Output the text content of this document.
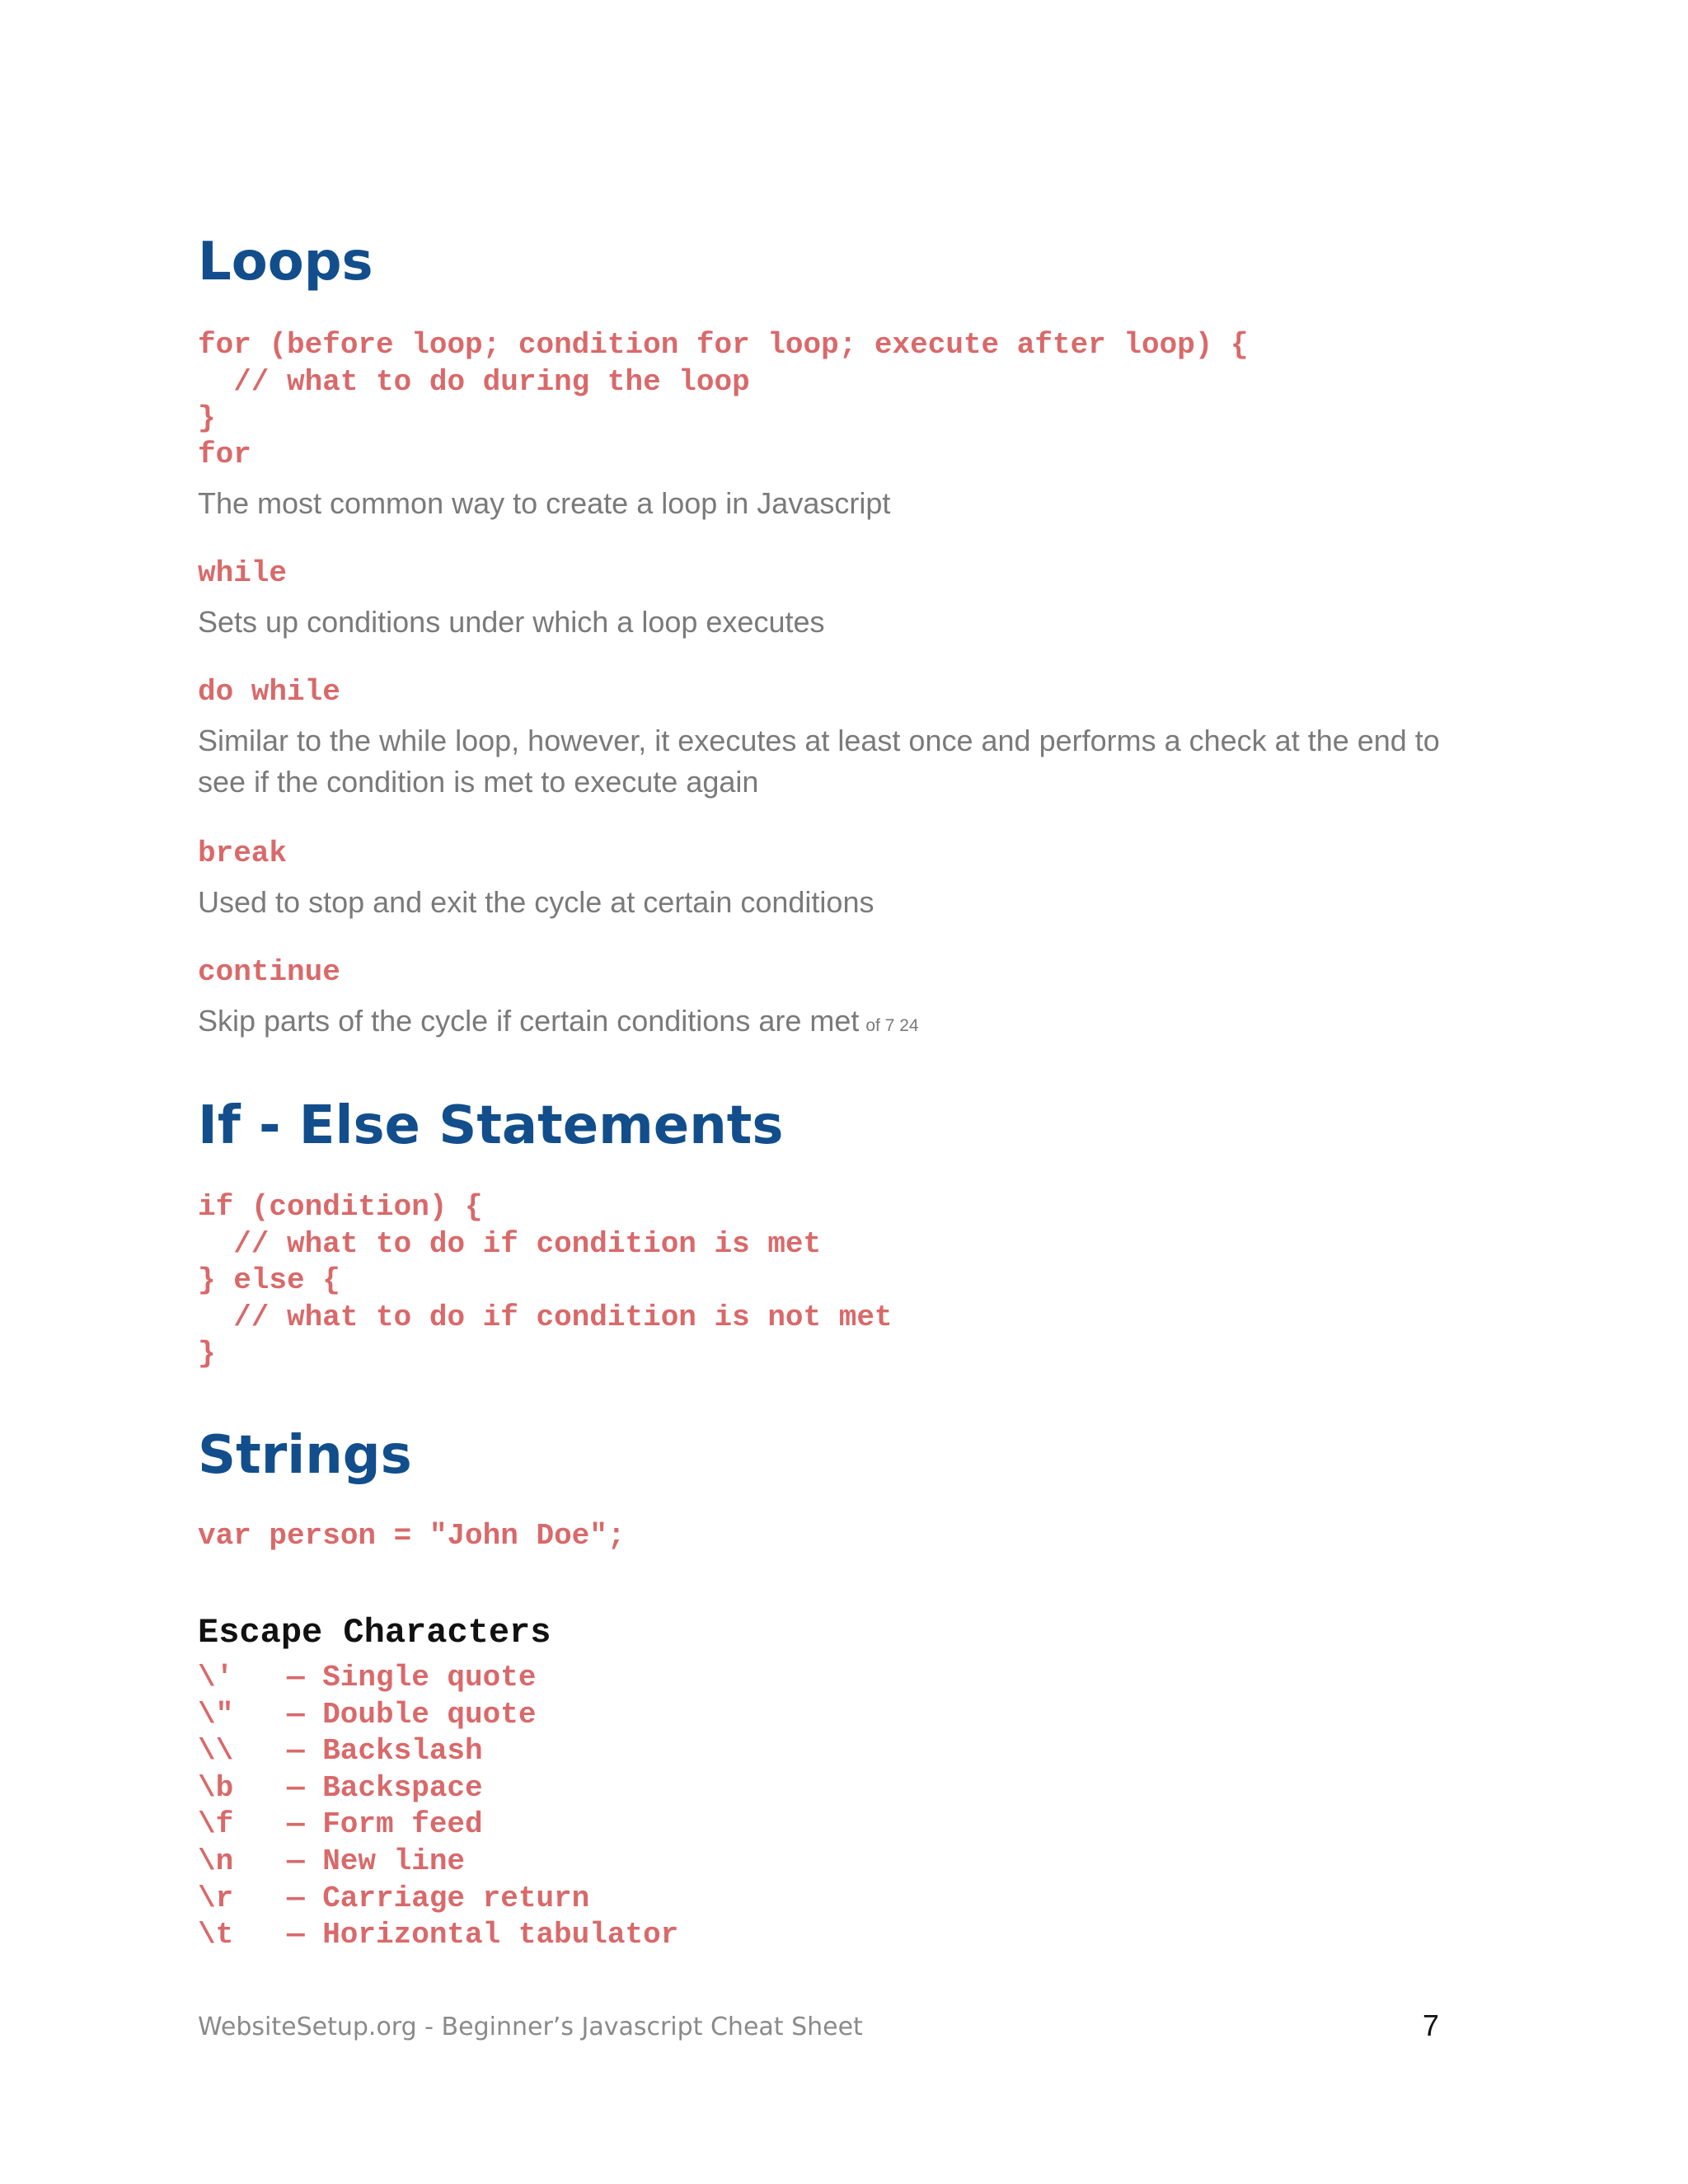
Loops
for (before loop; condition for loop; execute after loop) {
// what to do during the loop
}
for

The most common way to create a loop in Javascript

while

Sets up conditions under which a loop executes

do while

Similar to the while loop, however, it executes at least once and performs a check at the end to see if the condition is met to execute again

break

Used to stop and exit the cycle at certain conditions

continue

Skip parts of the cycle if certain conditions are met of 7 24

If - Else Statements
if (condition) {
// what to do if condition is met
} else {
// what to do if condition is not met
}
Strings
var person = "John Doe";
Escape Characters
\'	— Single quote
\"	— Double quote
\\	— Backslash
\b	— Backspace
\f	— Form feed
\n	— New line
\r	— Carriage return
\t	— Horizontal tabulator

WebsiteSetup.org - Beginner’s Javascript Cheat Sheet	7
